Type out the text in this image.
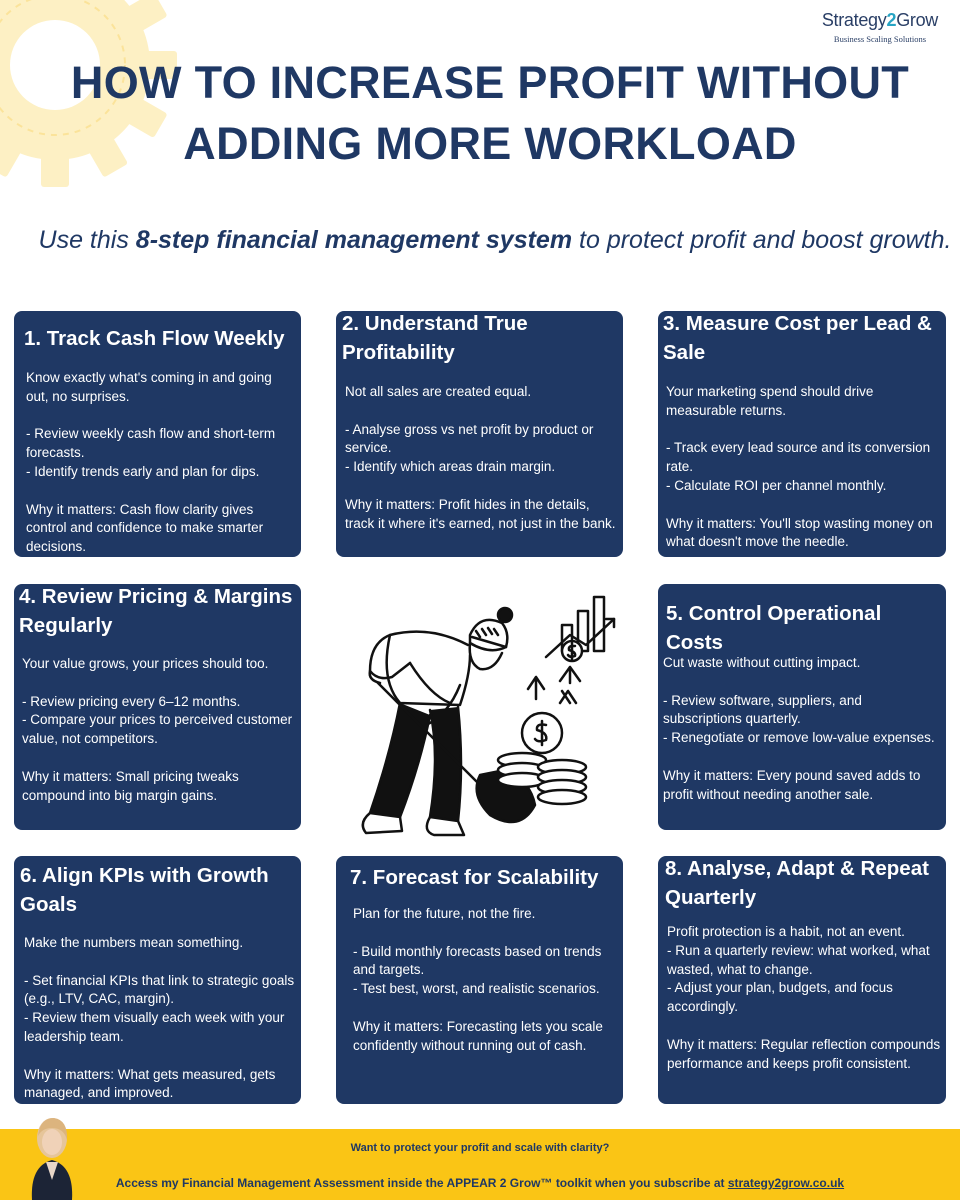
Strategy2Grow
Business Scaling Solutions
HOW TO INCREASE PROFIT WITHOUT
ADDING MORE WORKLOAD
Use this 8-step financial management system to protect profit and boost growth.
1. Track Cash Flow Weekly
Know exactly what's coming in and going out, no surprises.

- Review weekly cash flow and short-term forecasts.
- Identify trends early and plan for dips.

Why it matters: Cash flow clarity gives control and confidence to make smarter decisions.
2. Understand True Profitability
Not all sales are created equal.

- Analyse gross vs net profit by product or service.
- Identify which areas drain margin.

Why it matters: Profit hides in the details, track it where it's earned, not just in the bank.
3. Measure Cost per Lead & Sale
Your marketing spend should drive measurable returns.

- Track every lead source and its conversion rate.
- Calculate ROI per channel monthly.

Why it matters: You'll stop wasting money on what doesn't move the needle.
4. Review Pricing & Margins Regularly
Your value grows, your prices should too.

- Review pricing every 6–12 months.
- Compare your prices to perceived customer value, not competitors.

Why it matters: Small pricing tweaks compound into big margin gains.
5. Control Operational Costs
Cut waste without cutting impact.

- Review software, suppliers, and subscriptions quarterly.
- Renegotiate or remove low-value expenses.

Why it matters: Every pound saved adds to profit without needing another sale.
6. Align KPIs with Growth Goals
Make the numbers mean something.

- Set financial KPIs that link to strategic goals (e.g., LTV, CAC, margin).
- Review them visually each week with your leadership team.

Why it matters: What gets measured, gets managed, and improved.
7. Forecast for Scalability
Plan for the future, not the fire.

- Build monthly forecasts based on trends and targets.
- Test best, worst, and realistic scenarios.

Why it matters: Forecasting lets you scale confidently without running out of cash.
8. Analyse, Adapt & Repeat Quarterly
Profit protection is a habit, not an event.
- Run a quarterly review: what worked, what wasted, what to change.
- Adjust your plan, budgets, and focus accordingly.

Why it matters: Regular reflection compounds performance and keeps profit consistent.
Want to protect your profit and scale with clarity?
Access my Financial Management Assessment inside the APPEAR 2 Grow™ toolkit when you subscribe at strategy2grow.co.uk
